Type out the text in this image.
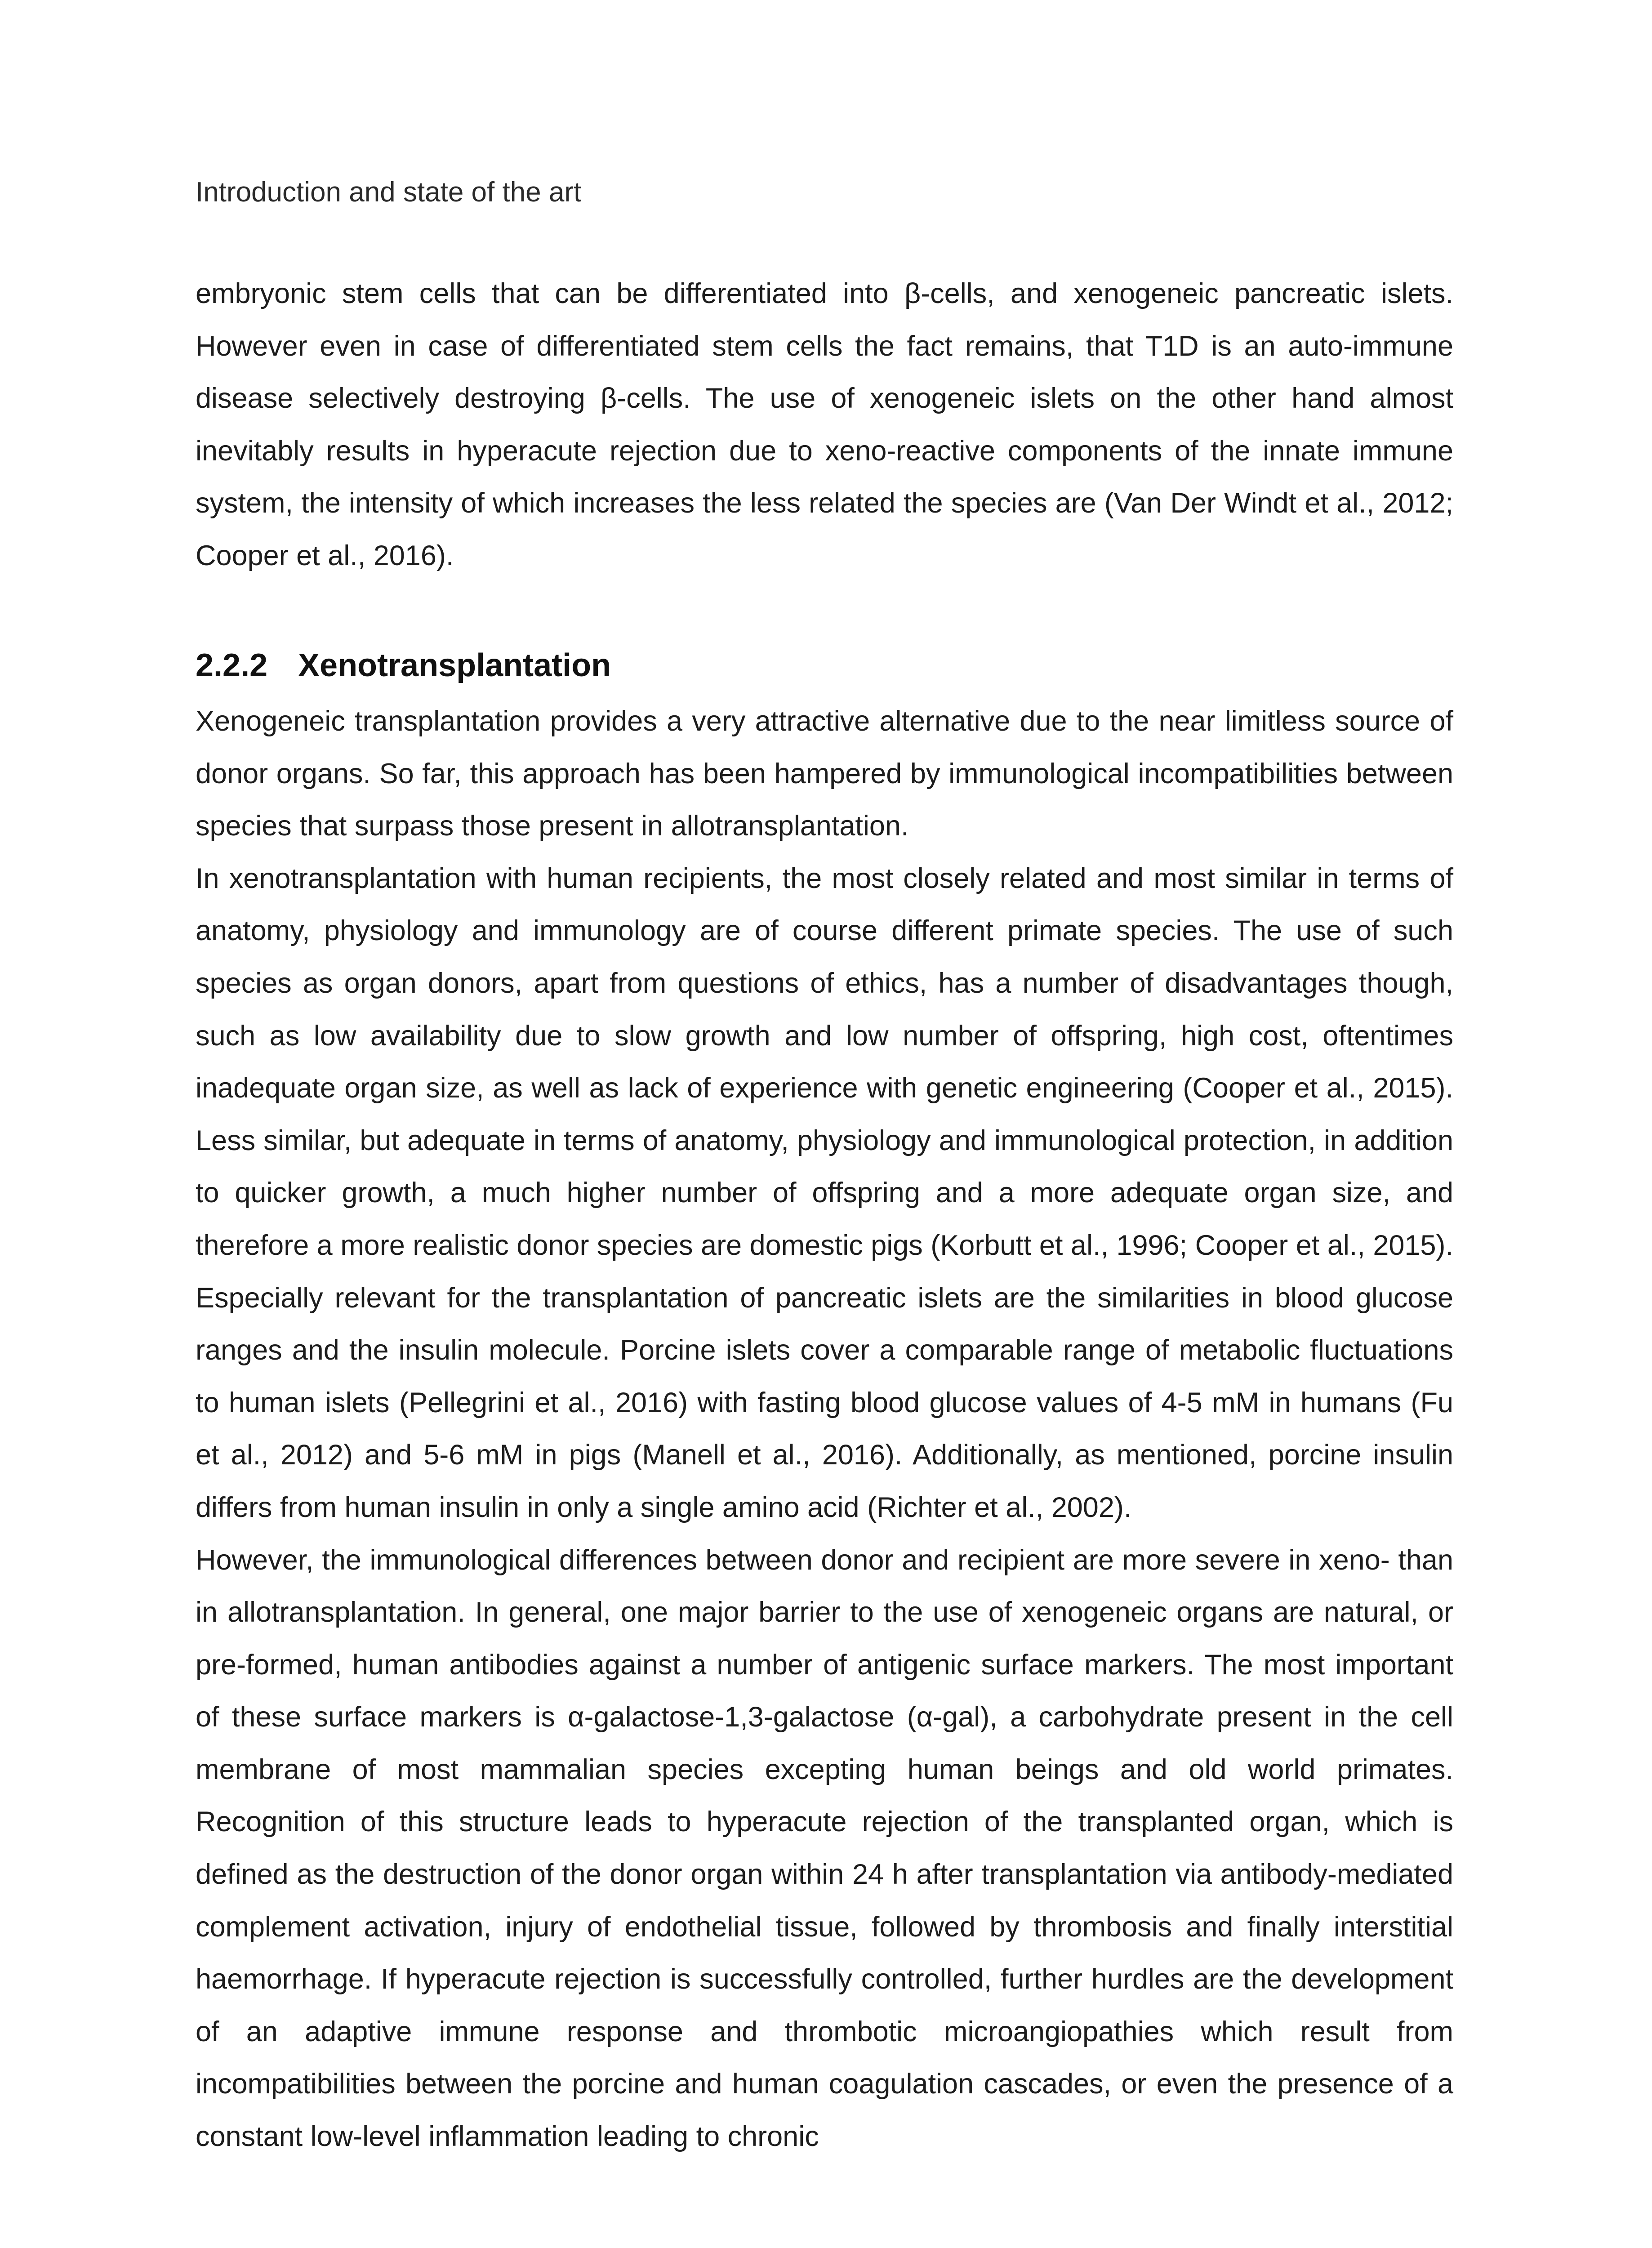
Introduction and state of the art

embryonic stem cells that can be differentiated into β-cells, and xenogeneic pancreatic islets. However even in case of differentiated stem cells the fact remains, that T1D is an auto-immune disease selectively destroying β-cells. The use of xenogeneic islets on the other hand almost inevitably results in hyperacute rejection due to xeno-reactive components of the innate immune system, the intensity of which increases the less related the species are (Van Der Windt et al., 2012; Cooper et al., 2016).

2.2.2 Xenotransplantation

Xenogeneic transplantation provides a very attractive alternative due to the near limitless source of donor organs. So far, this approach has been hampered by immunological incompatibilities between species that surpass those present in allotransplantation.

In xenotransplantation with human recipients, the most closely related and most similar in terms of anatomy, physiology and immunology are of course different primate species. The use of such species as organ donors, apart from questions of ethics, has a number of disadvantages though, such as low availability due to slow growth and low number of offspring, high cost, oftentimes inadequate organ size, as well as lack of experience with genetic engineering (Cooper et al., 2015). Less similar, but adequate in terms of anatomy, physiology and immunological protection, in addition to quicker growth, a much higher number of offspring and a more adequate organ size, and therefore a more realistic donor species are domestic pigs (Korbutt et al., 1996; Cooper et al., 2015). Especially relevant for the transplantation of pancreatic islets are the similarities in blood glucose ranges and the insulin molecule. Porcine islets cover a comparable range of metabolic fluctuations to human islets (Pellegrini et al., 2016) with fasting blood glucose values of 4-5 mM in humans (Fu et al., 2012) and 5-6 mM in pigs (Manell et al., 2016). Additionally, as mentioned, porcine insulin differs from human insulin in only a single amino acid (Richter et al., 2002).

However, the immunological differences between donor and recipient are more severe in xeno- than in allotransplantation. In general, one major barrier to the use of xenogeneic organs are natural, or pre-formed, human antibodies against a number of antigenic surface markers. The most important of these surface markers is α-galactose-1,3-galactose (α-gal), a carbohydrate present in the cell membrane of most mammalian species excepting human beings and old world primates. Recognition of this structure leads to hyperacute rejection of the transplanted organ, which is defined as the destruction of the donor organ within 24 h after transplantation via antibody-mediated complement activation, injury of endothelial tissue, followed by thrombosis and finally interstitial haemorrhage. If hyperacute rejection is successfully controlled, further hurdles are the development of an adaptive immune response and thrombotic microangiopathies which result from incompatibilities between the porcine and human coagulation cascades, or even the presence of a constant low-level inflammation leading to chronic
